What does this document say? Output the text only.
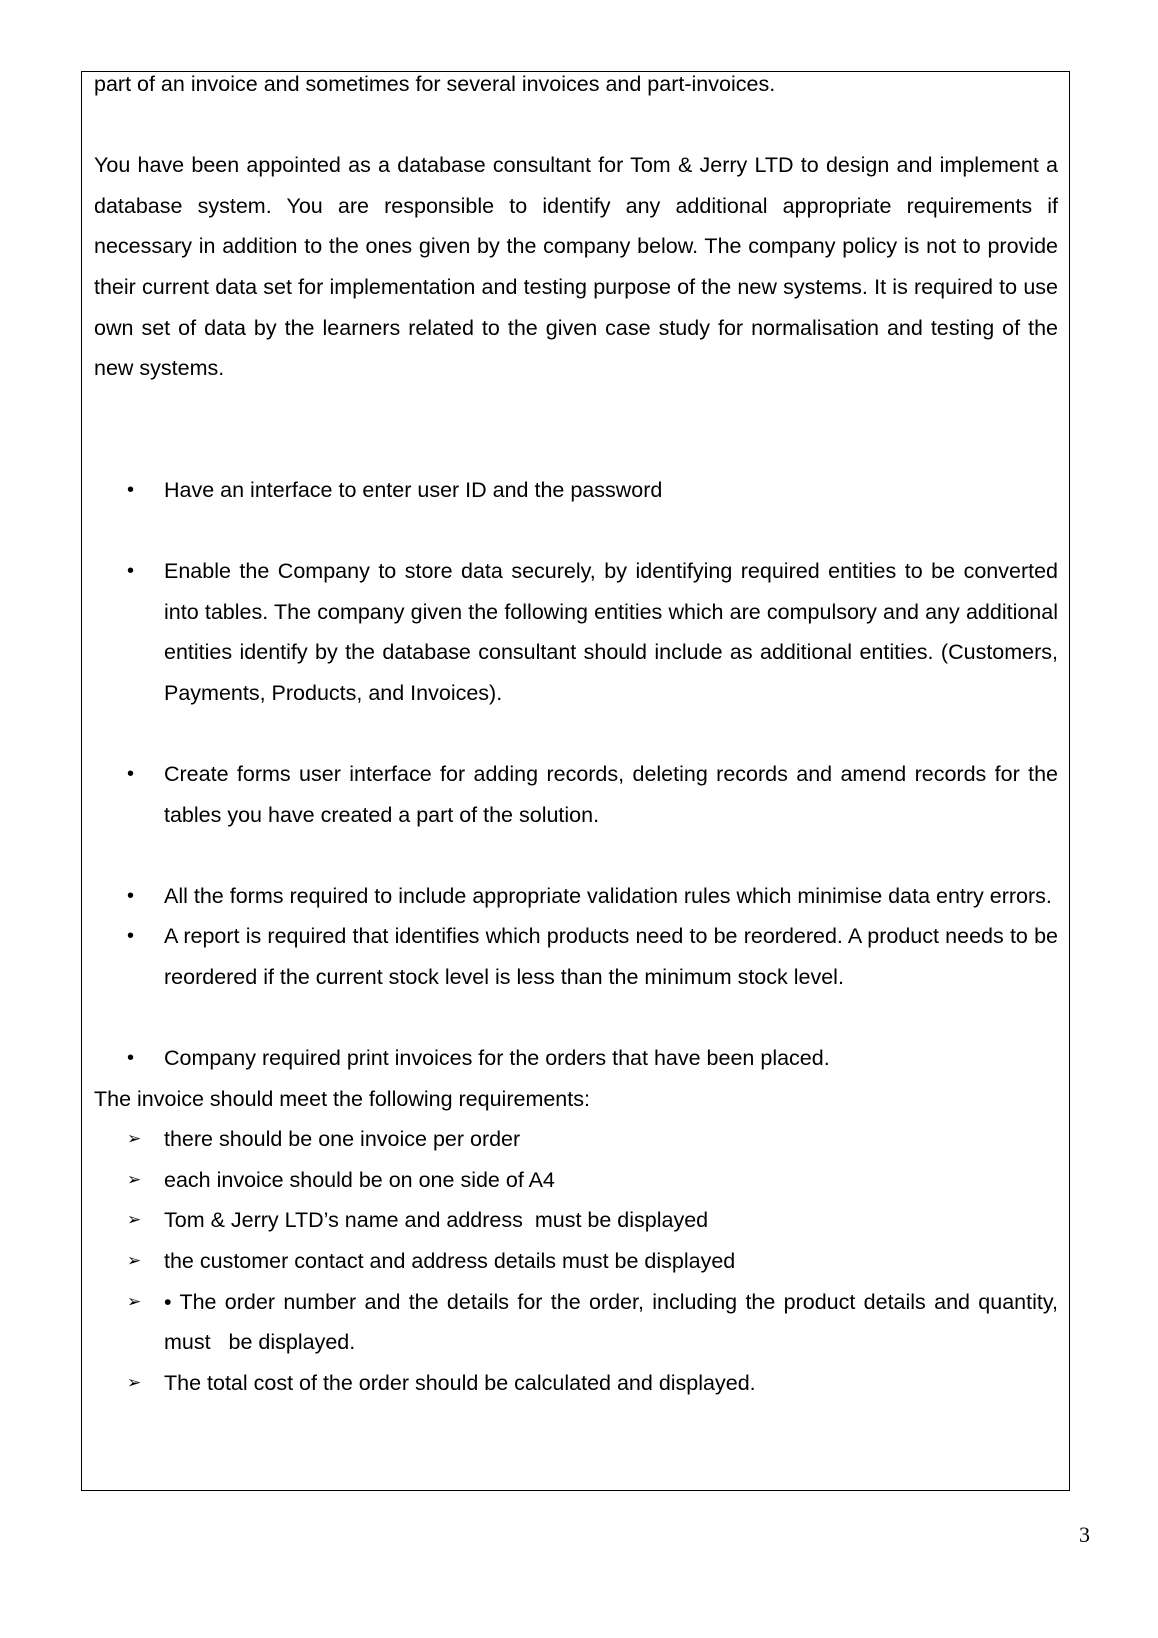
part of an invoice and sometimes for several invoices and part-invoices.

You have been appointed as a database consultant for Tom & Jerry LTD to design and implement a database system. You are responsible to identify any additional appropriate requirements if necessary in addition to the ones given by the company below. The company policy is not to provide their current data set for implementation and testing purpose of the new systems. It is required to use own set of data by the learners related to the given case study for normalisation and testing of the new systems.

• Have an interface to enter user ID and the password
• Enable the Company to store data securely, by identifying required entities to be converted into tables. The company given the following entities which are compulsory and any additional entities identify by the database consultant should include as additional entities. (Customers, Payments, Products, and Invoices).
• Create forms user interface for adding records, deleting records and amend records for the tables you have created a part of the solution.
• All the forms required to include appropriate validation rules which minimise data entry errors.
• A report is required that identifies which products need to be reordered. A product needs to be reordered if the current stock level is less than the minimum stock level.
• Company required print invoices for the orders that have been placed.

The invoice should meet the following requirements:

➢ there should be one invoice per order
➢ each invoice should be on one side of A4
➢ Tom & Jerry LTD’s name and address  must be displayed
➢ the customer contact and address details must be displayed
➢ • The order number and the details for the order, including the product details and quantity, must   be displayed.
➢ The total cost of the order should be calculated and displayed.
3
